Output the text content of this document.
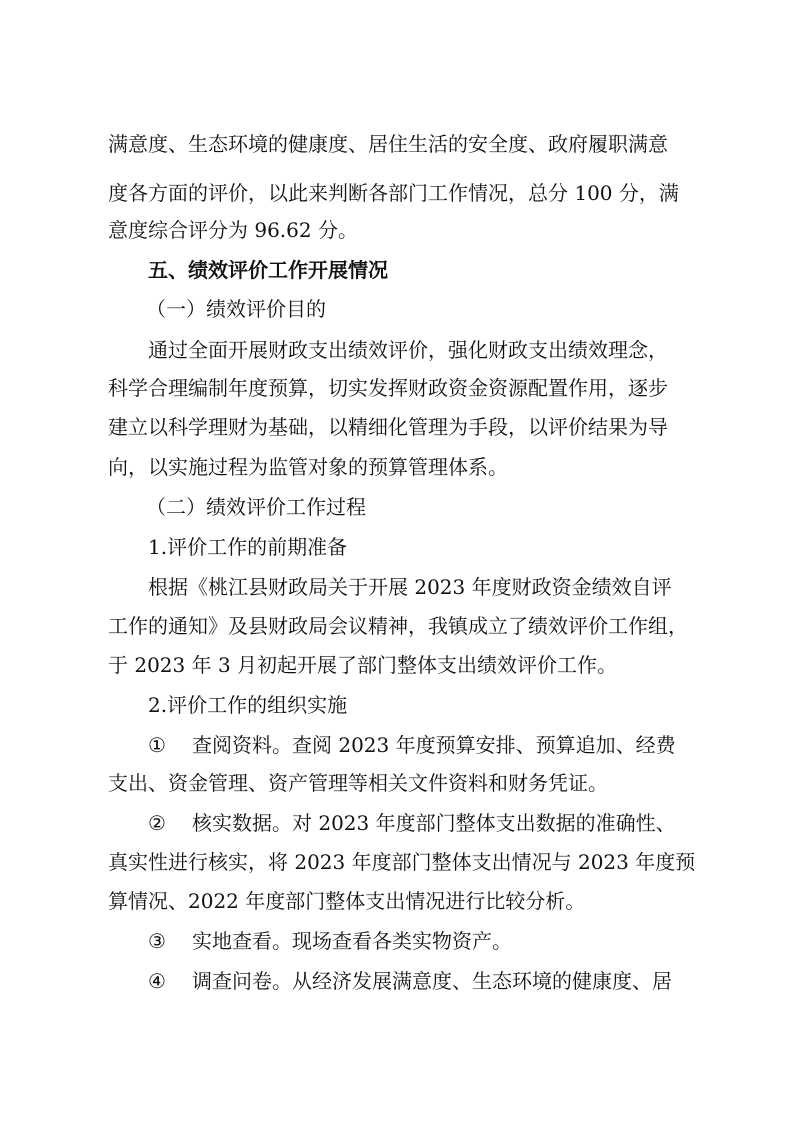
满意度、生态环境的健康度、居住生活的安全度、政府履职满意
度各方面的评价，以此来判断各部门工作情况，总分 100 分，满
意度综合评分为 96.62 分。
五、绩效评价工作开展情况
（一）绩效评价目的
通过全面开展财政支出绩效评价，强化财政支出绩效理念，
科学合理编制年度预算，切实发挥财政资金资源配置作用，逐步
建立以科学理财为基础，以精细化管理为手段，以评价结果为导
向，以实施过程为监管对象的预算管理体系。
（二）绩效评价工作过程
1.评价工作的前期准备
根据《桃江县财政局关于开展 2023 年度财政资金绩效自评
工作的通知》及县财政局会议精神，我镇成立了绩效评价工作组，
于 2023 年 3 月初起开展了部门整体支出绩效评价工作。
2.评价工作的组织实施
① 查阅资料。查阅 2023 年度预算安排、预算追加、经费
支出、资金管理、资产管理等相关文件资料和财务凭证。
② 核实数据。对 2023 年度部门整体支出数据的准确性、
真实性进行核实，将 2023 年度部门整体支出情况与 2023 年度预
算情况、2022 年度部门整体支出情况进行比较分析。
③ 实地查看。现场查看各类实物资产。
④ 调查问卷。从经济发展满意度、生态环境的健康度、居
